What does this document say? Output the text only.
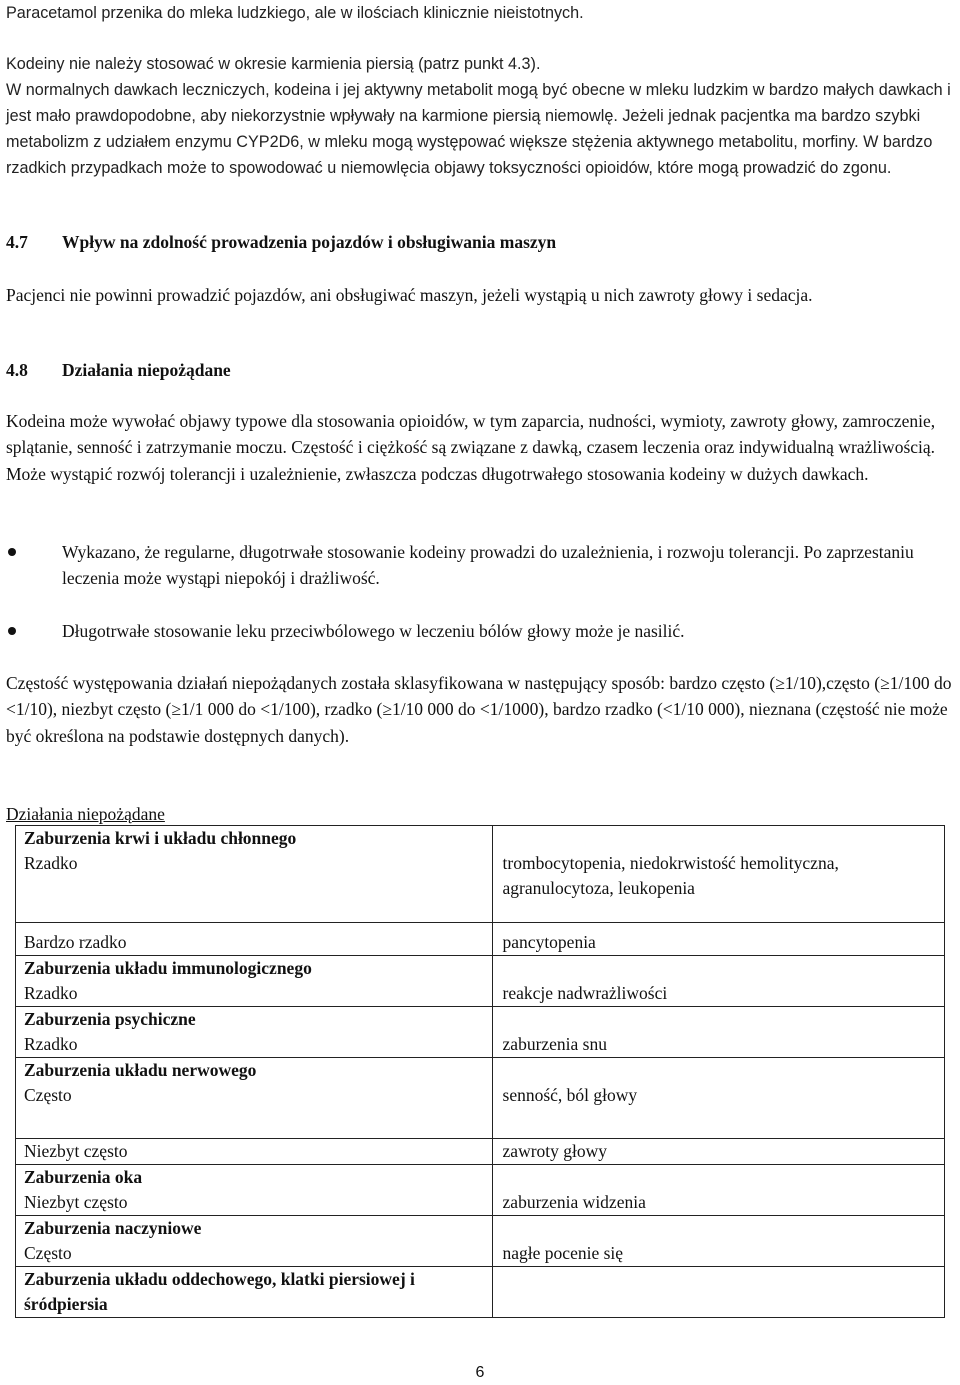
Paracetamol przenika do mleka ludzkiego, ale w ilościach klinicznie nieistotnych.

Kodeiny nie należy stosować w okresie karmienia piersią (patrz punkt 4.3).

W normalnych dawkach leczniczych, kodeina i jej aktywny metabolit mogą być obecne w mleku ludzkim w bardzo małych dawkach i jest mało prawdopodobne, aby niekorzystnie wpływały na karmione piersią niemowlę. Jeżeli jednak pacjentka ma bardzo szybki metabolizm z udziałem enzymu CYP2D6, w mleku mogą występować większe stężenia aktywnego metabolitu, morfiny. W bardzo rzadkich przypadkach może to spowodować u niemowlęcia objawy toksyczności opioidów, które mogą prowadzić do zgonu.

4.7	Wpływ na zdolność prowadzenia pojazdów i obsługiwania maszyn

Pacjenci nie powinni prowadzić pojazdów, ani obsługiwać maszyn, jeżeli wystąpią u nich zawroty głowy i sedacja.

4.8	Działania niepożądane

Kodeina może wywołać objawy typowe dla stosowania opioidów, w tym zaparcia, nudności, wymioty, zawroty głowy, zamroczenie, splątanie, senność i zatrzymanie moczu. Częstość i ciężkość są związane z dawką, czasem leczenia oraz indywidualną wrażliwością. Może wystąpić rozwój tolerancji i uzależnienie, zwłaszcza podczas długotrwałego stosowania kodeiny w dużych dawkach.

Wykazano, że regularne, długotrwałe stosowanie kodeiny prowadzi do uzależnienia, i rozwoju tolerancji. Po zaprzestaniu leczenia może wystąpi niepokój i drażliwość.
Długotrwałe stosowanie leku przeciwbólowego w leczeniu bólów głowy może je nasilić.

Częstość występowania działań niepożądanych została sklasyfikowana w następujący sposób: bardzo często (≥1/10),często (≥1/100 do <1/10), niezbyt często (≥1/1 000 do <1/100), rzadko (≥1/10 000 do <1/1000), bardzo rzadko (<1/10 000), nieznana (częstość nie może być określona na podstawie dostępnych danych).

Działania niepożądane

Zaburzenia krwi i układu chłonnego
Rzadko	trombocytopenia, niedokrwistość hemolityczna, agranulocytoza, leukopenia

Bardzo rzadko	pancytopenia

Zaburzenia układu immunologicznego
Rzadko	reakcje nadwrażliwości

Zaburzenia psychiczne
Rzadko	zaburzenia snu

Zaburzenia układu nerwowego
Często	senność, ból głowy

Niezbyt często	zawroty głowy

Zaburzenia oka
Niezbyt często	zaburzenia widzenia

Zaburzenia naczyniowe
Często	nagłe pocenie się

Zaburzenia układu oddechowego, klatki piersiowej i śródpiersia	

6
